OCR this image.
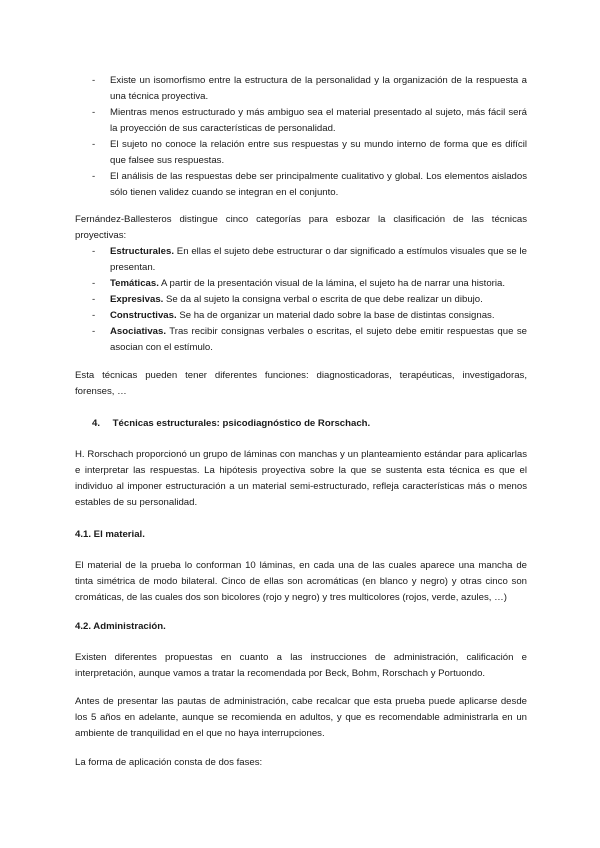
- Existe un isomorfismo entre la estructura de la personalidad y la organización de la respuesta a una técnica proyectiva.
- Mientras menos estructurado y más ambiguo sea el material presentado al sujeto, más fácil será la proyección de sus características de personalidad.
- El sujeto no conoce la relación entre sus respuestas y su mundo interno de forma que es difícil que falsee sus respuestas.
- El análisis de las respuestas debe ser principalmente cualitativo y global. Los elementos aislados sólo tienen validez cuando se integran en el conjunto.
Fernández-Ballesteros distingue cinco categorías para esbozar la clasificación de las técnicas proyectivas:
- Estructurales. En ellas el sujeto debe estructurar o dar significado a estímulos visuales que se le presentan.
- Temáticas. A partir de la presentación visual de la lámina, el sujeto ha de narrar una historia.
- Expresivas. Se da al sujeto la consigna verbal o escrita de que debe realizar un dibujo.
- Constructivas. Se ha de organizar un material dado sobre la base de distintas consignas.
- Asociativas. Tras recibir consignas verbales o escritas, el sujeto debe emitir respuestas que se asocian con el estímulo.
Esta técnicas pueden tener diferentes funciones: diagnosticadoras, terapéuticas, investigadoras, forenses, …
4. Técnicas estructurales: psicodiagnóstico de Rorschach.
H. Rorschach proporcionó un grupo de láminas con manchas y un planteamiento estándar para aplicarlas e interpretar las respuestas. La hipótesis proyectiva sobre la que se sustenta esta técnica es que el individuo al imponer estructuración a un material semi-estructurado, refleja características más o menos estables de su personalidad.
4.1. El material.
El material de la prueba lo conforman 10 láminas, en cada una de las cuales aparece una mancha de tinta simétrica de modo bilateral. Cinco de ellas son acromáticas (en blanco y negro) y otras cinco son cromáticas, de las cuales dos son bicolores (rojo y negro) y tres multicolores (rojos, verde, azules, …)
4.2. Administración.
Existen diferentes propuestas en cuanto a las instrucciones de administración, calificación e interpretación, aunque vamos a tratar la recomendada por Beck, Bohm, Rorschach y Portuondo.
Antes de presentar las pautas de administración, cabe recalcar que esta prueba puede aplicarse desde los 5 años en adelante, aunque se recomienda en adultos, y que es recomendable administrarla en un ambiente de tranquilidad en el que no haya interrupciones.
La forma de aplicación consta de dos fases:
